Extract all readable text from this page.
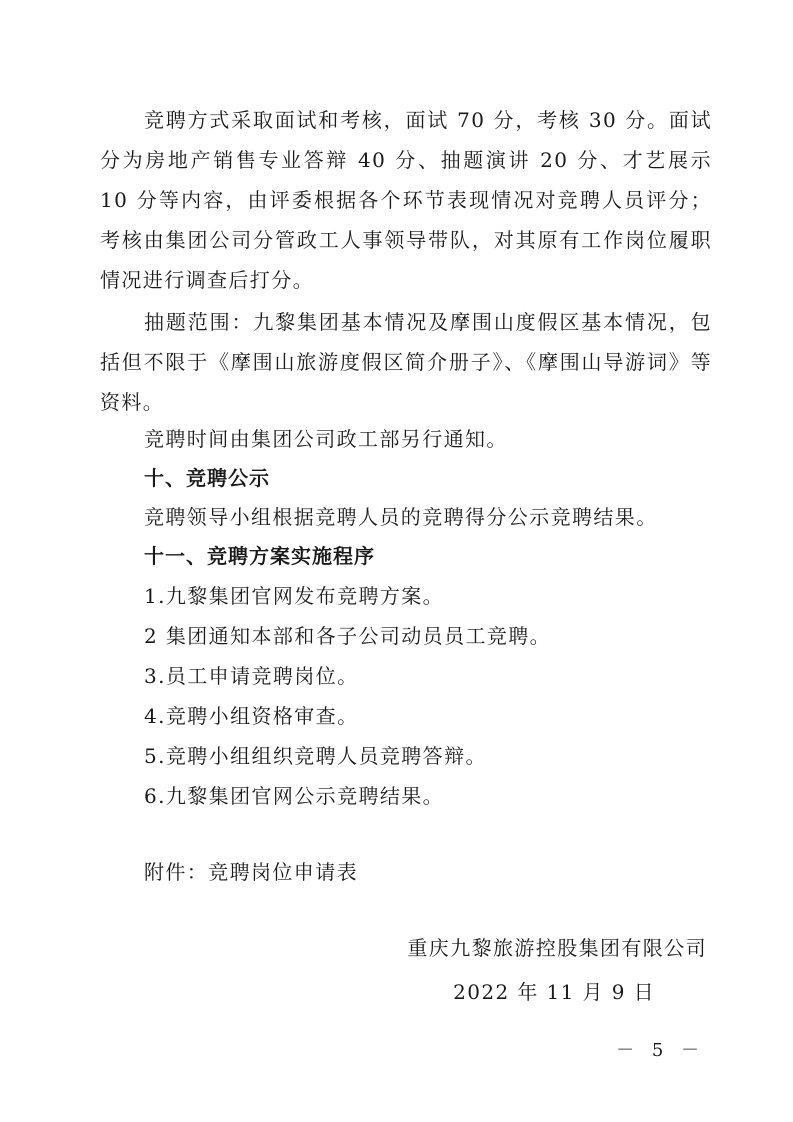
竞聘方式采取面试和考核，面试 70 分，考核 30 分。面试分为房地产销售专业答辩 40 分、抽题演讲 20 分、才艺展示 10 分等内容，由评委根据各个环节表现情况对竞聘人员评分；考核由集团公司分管政工人事领导带队，对其原有工作岗位履职情况进行调查后打分。

抽题范围：九黎集团基本情况及摩围山度假区基本情况，包括但不限于《摩围山旅游度假区简介册子》、《摩围山导游词》等资料。

竞聘时间由集团公司政工部另行通知。

十、竞聘公示

竞聘领导小组根据竞聘人员的竞聘得分公示竞聘结果。

十一、竞聘方案实施程序

1.九黎集团官网发布竞聘方案。

2 集团通知本部和各子公司动员员工竞聘。

3.员工申请竞聘岗位。

4.竞聘小组资格审查。

5.竞聘小组组织竞聘人员竞聘答辩。

6.九黎集团官网公示竞聘结果。

附件：竞聘岗位申请表

重庆九黎旅游控股集团有限公司

2022 年 11 月 9 日

－ 5 －
